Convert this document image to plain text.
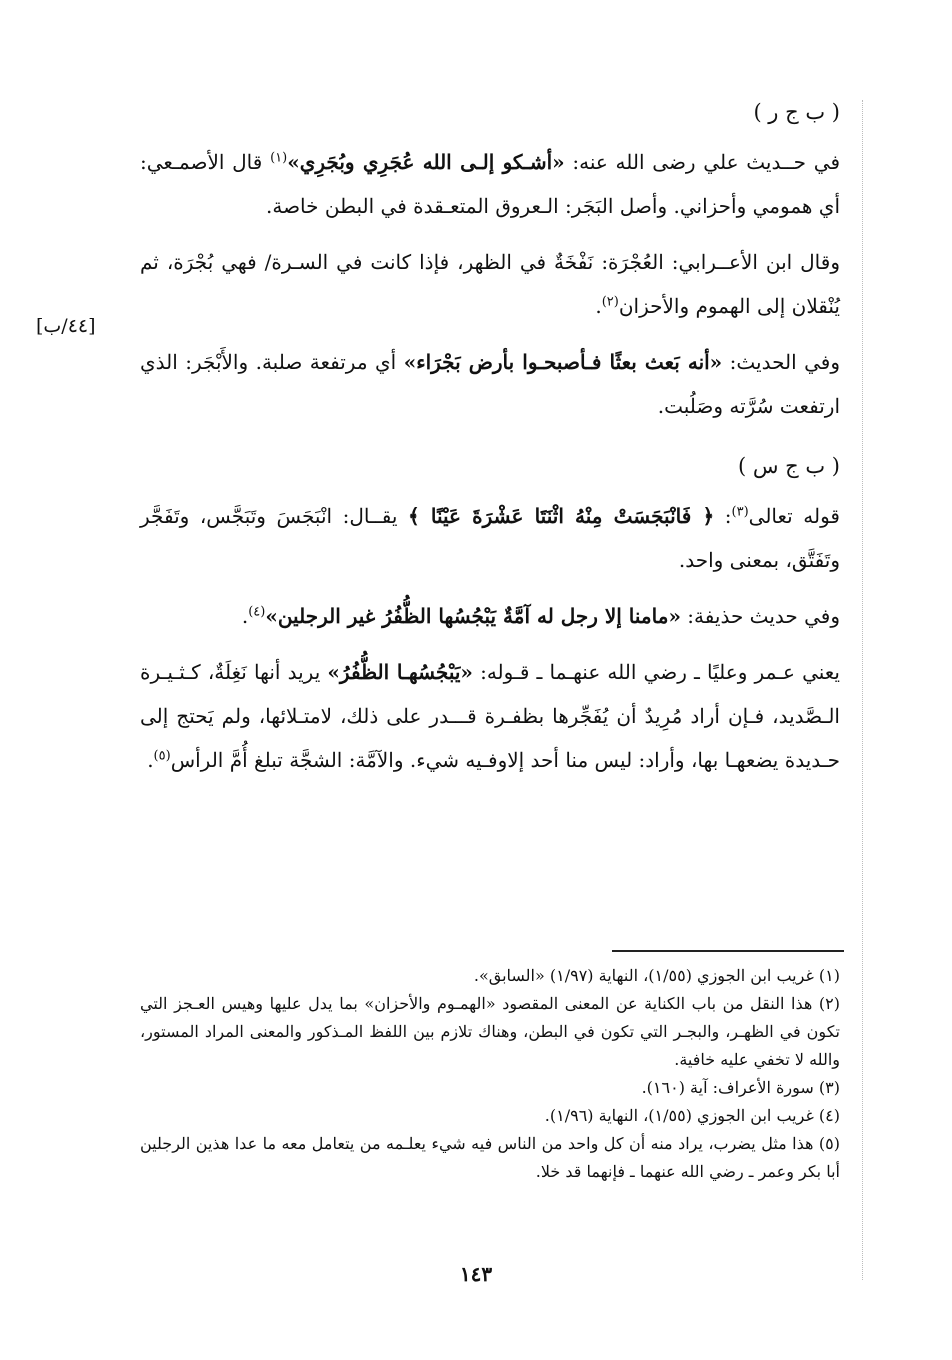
( ب ج ر )

في حــديث علي رضى الله عنه: «أشـكو إلـى الله عُجَرِي وبُجَرِي»$^{(١)}$ قال الأصمـعي: أي همومي وأحزاني. وأصل البَجَر: الـعروق المتعـقدة في البطن خاصة.

وقال ابن الأعــرابي: العُجْرَة: نَفْخَةٌ في الظهر، فإذا كانت في السـرة/ فهي بُجْرَة، ثم يُنْقلان إلى الهموم والأحزان$^{(٢)}$.

وفي الحديث: «أنه بَعث بعثًا فـأصبحـوا بأرض بَجْرَاء» أي مرتفعة صلبة. والأَبْجَر: الذي ارتفعت سُرَّته وصَلُبت.

( ب ج س )

قوله تعالى$^{(٣)}$: ﴿ فَانْبَجَسَتْ مِنْهُ اثْنَتَا عَشْرَةَ عَيْنًا ﴾ يقــال: انْبَجَسَ وتَبَجَّس، وتَفَجَّر وتَفَتَّق، بمعنى واحد.

وفي حديث حذيفة: «مامنا إلا رجل له آمَّةٌ يَبْجُسُها الظُّفُرُ غير الرجلين»$^{(٤)}$.

يعني عـمر وعليًا ـ رضي الله عنهـما ـ قـوله: «يَبْجُسُهـا الظُّفُرُ» يريد أنها نَغِلَةٌ، كـثـيـرة الـصَّديد، فـإن أراد مُرِيدٌ أن يُفَجِّرها بظفـرة قـــدر على ذلك، لامتـلائها، ولم يَحتج إلى حـديدة يضعهـا بها، وأراد: ليس منا أحد إلاوفـيه شيء. والآمَّة: الشجَّة تبلغ أُمَّ الرأس$^{(٥)}$.

[٤٤/ب]

(١) غريب ابن الجوزي (١/٥٥)، النهاية (١/٩٧) «السابق».

(٢) هذا النقل من باب الكناية عن المعنى المقصود «الهمـوم والأحزان» بما يدل عليها وهيس العـجز التي تكون في الظهـر، والبجـر التي تكون في البطن، وهناك تلازم بين اللفظ المـذكور والمعنى المراد المستور، والله لا تخفي عليه خافية.

(٣) سورة الأعراف: آية (١٦٠).

(٤) غريب ابن الجوزي (١/٥٥)، النهاية (١/٩٦).

(٥) هذا مثل يضرب، يراد منه أن كل واحد من الناس فيه شيء يعلـمه من يتعامل معه ما عدا هذين الرجلين أبا بكر وعمر ـ رضي الله عنهما ـ فإنهما قد خلا.

١٤٣
